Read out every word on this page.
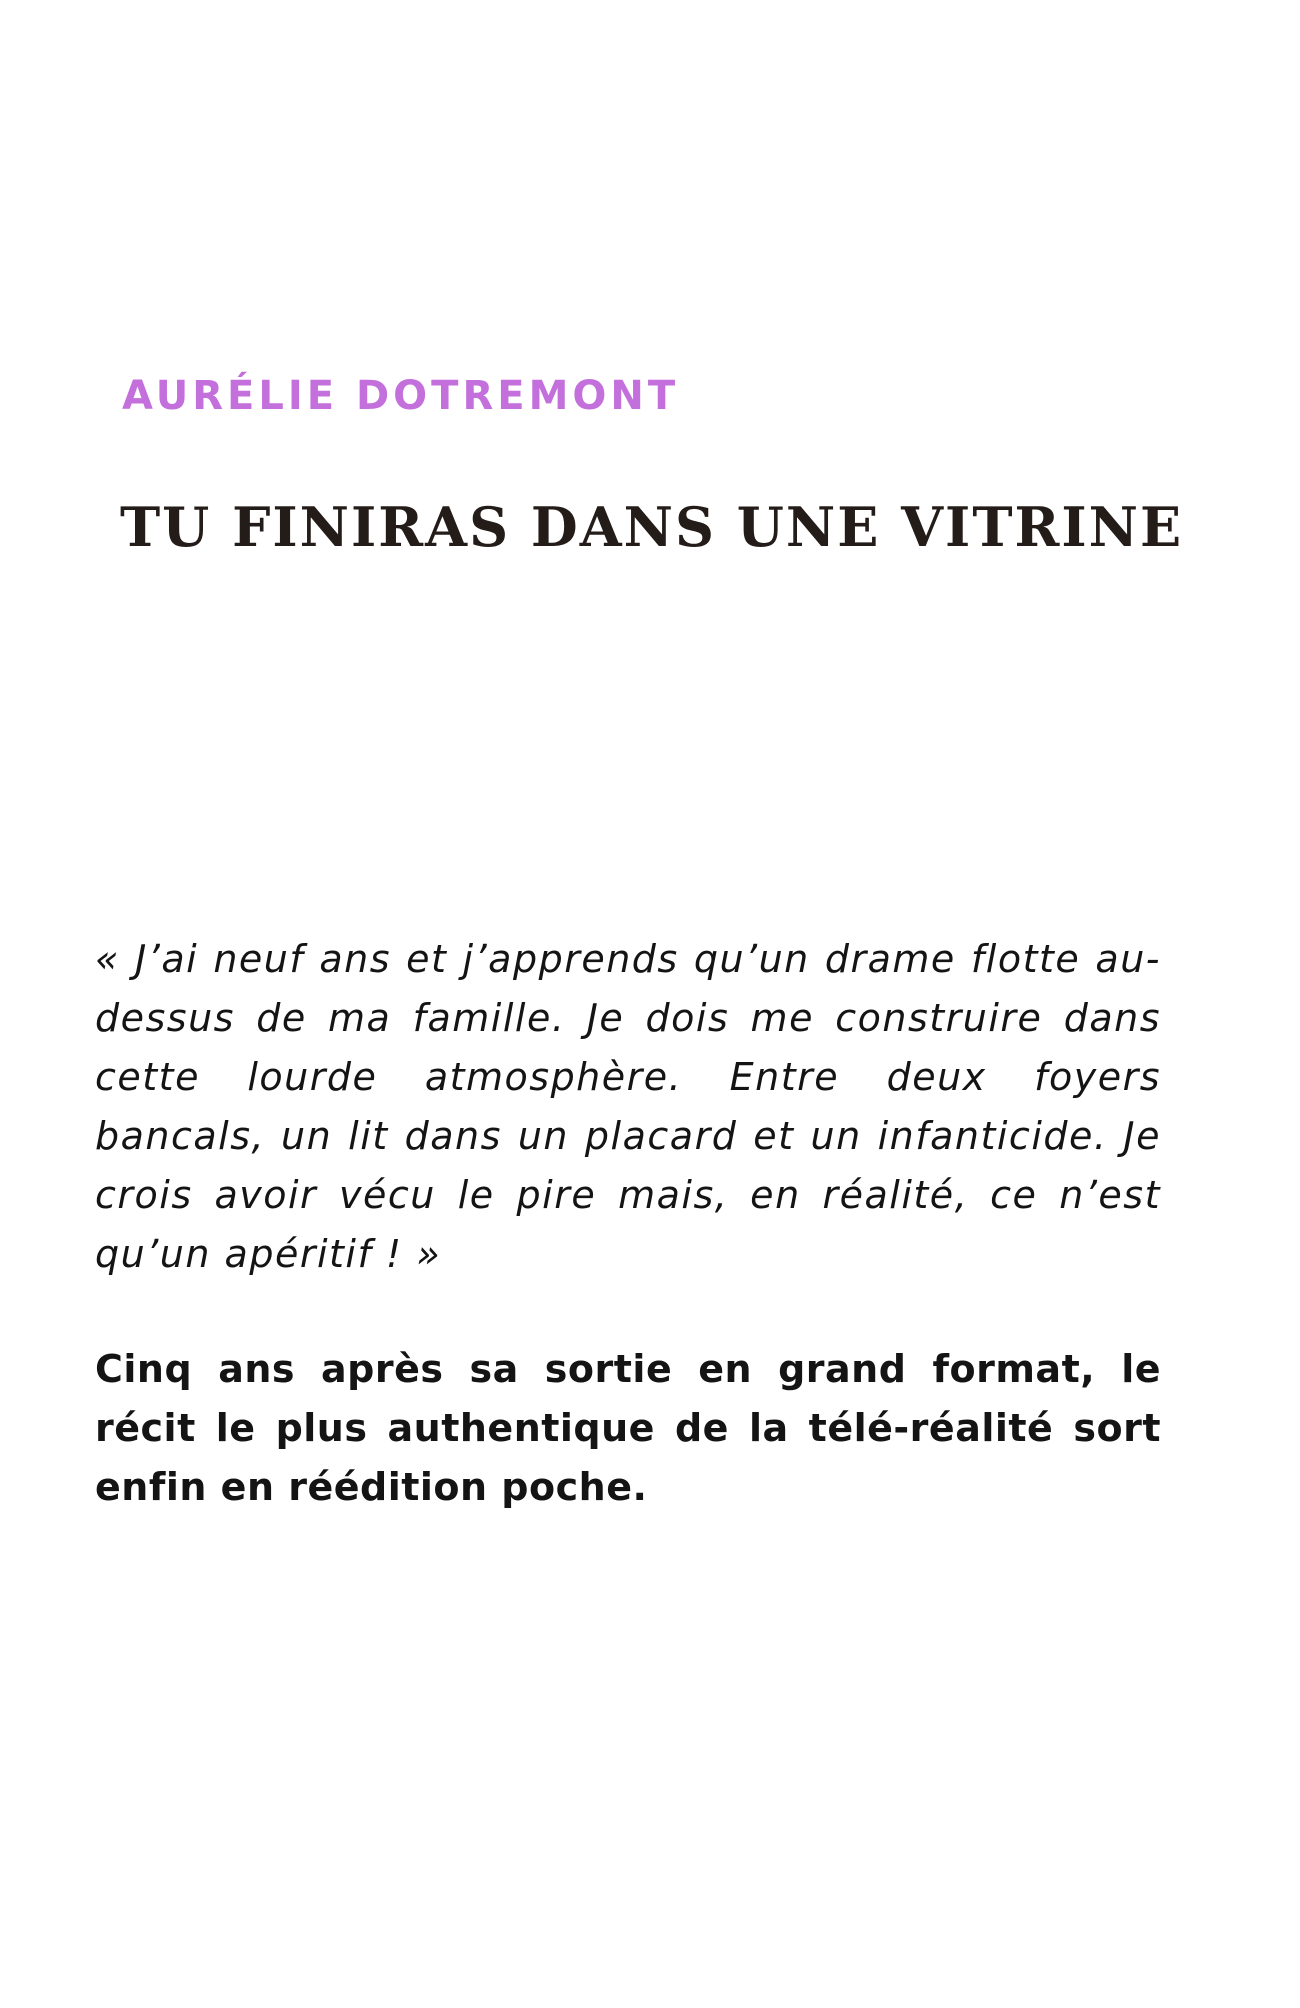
AURÉLIE DOTREMONT
TU FINIRAS DANS UNE VITRINE

« J’ai neuf ans et j’apprends qu’un drame flotte au-dessus de ma famille. Je dois me construire dans cette lourde atmosphère. Entre deux foyers bancals, un lit dans un placard et un infanticide. Je crois avoir vécu le pire mais, en réalité, ce n’est qu’un apéritif ! »

Cinq ans après sa sortie en grand format, le récit le plus authentique de la télé-réalité sort enfin en réédition poche.
